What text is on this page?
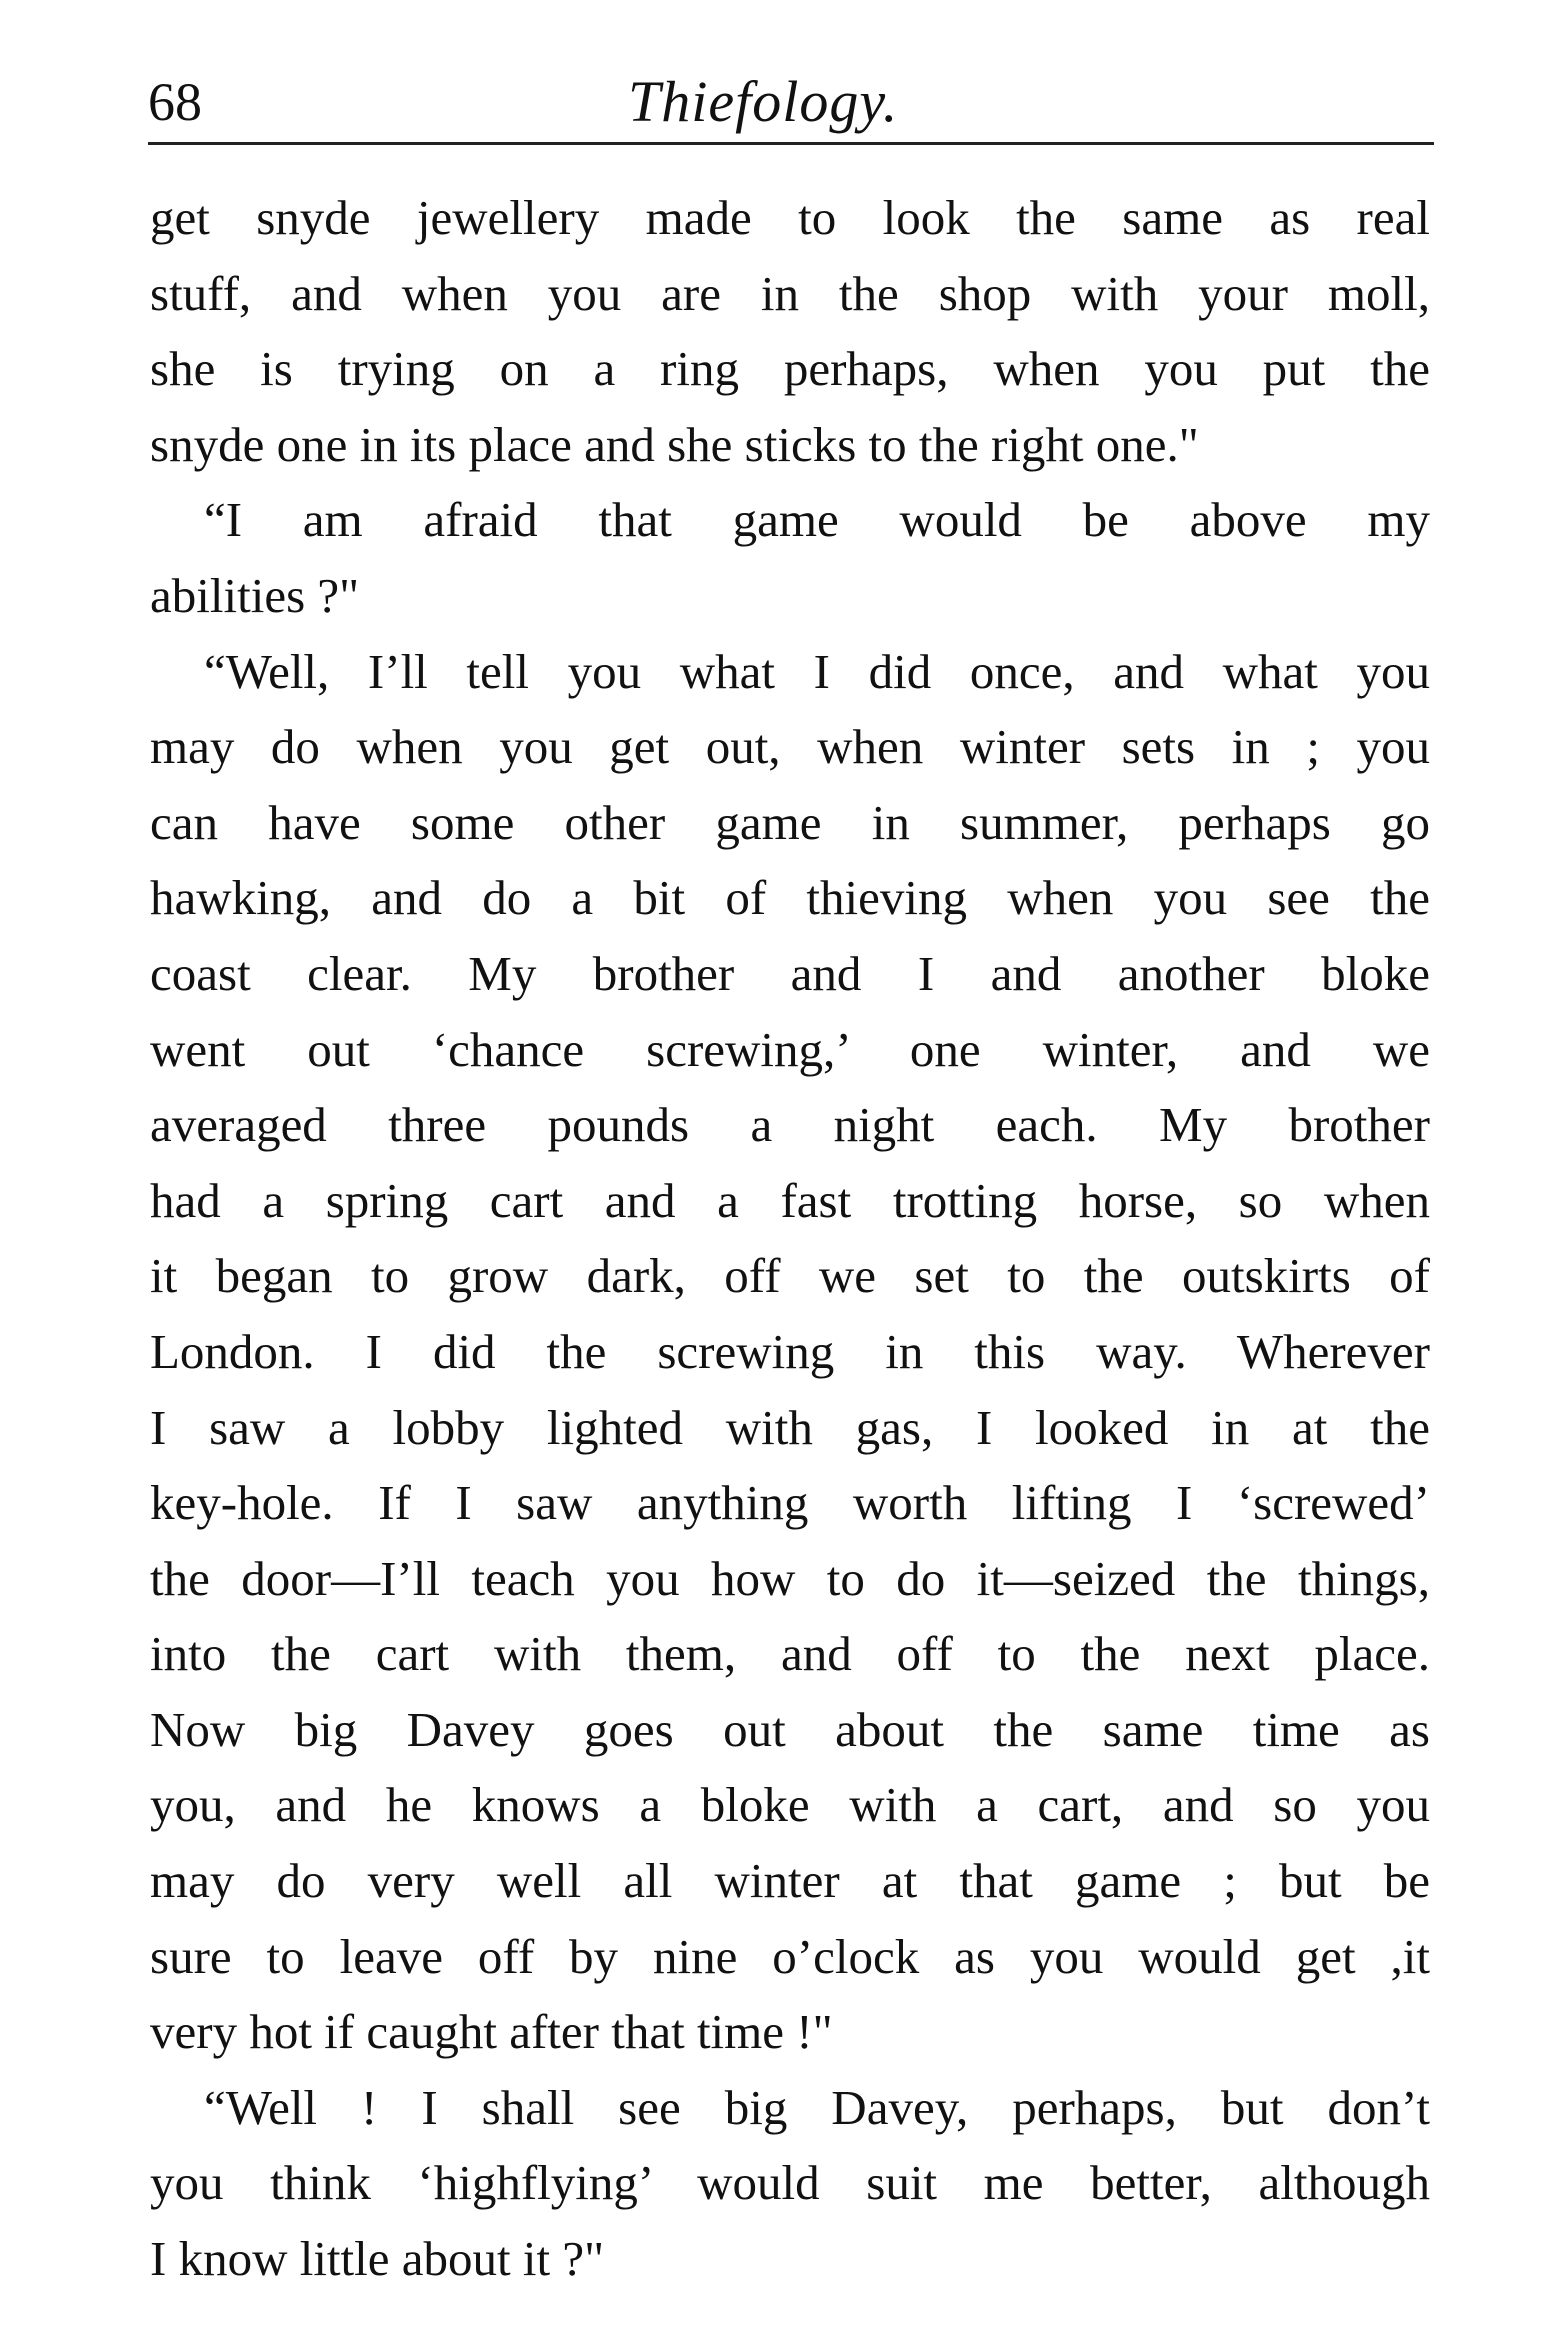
68	Thiefology.
get snyde jewellery made to look the same as real
stuff, and when you are in the shop with your moll,
she is trying on a ring perhaps, when you put the
snyde one in its place and she sticks to the right one."
“I am afraid that game would be above my
abilities ?"
“Well, I’ll tell you what I did once, and what you
may do when you get out, when winter sets in ; you
can have some other game in summer, perhaps go
hawking, and do a bit of thieving when you see the
coast clear. My brother and I and another bloke
went out ‘chance screwing,’ one winter, and we
averaged three pounds a night each. My brother
had a spring cart and a fast trotting horse, so when
it began to grow dark, off we set to the outskirts of
London. I did the screwing in this way. Wherever
I saw a lobby lighted with gas, I looked in at the
key-hole. If I saw anything worth lifting I ‘screwed’
the door—I’ll teach you how to do it—seized the things,
into the cart with them, and off to the next place.
Now big Davey goes out about the same time as
you, and he knows a bloke with a cart, and so you
may do very well all winter at that game ; but be
sure to leave off by nine o’clock as you would get ,it
very hot if caught after that time !"
“Well ! I shall see big Davey, perhaps, but don’t
you think ‘highflying’ would suit me better, although
I know little about it ?"
